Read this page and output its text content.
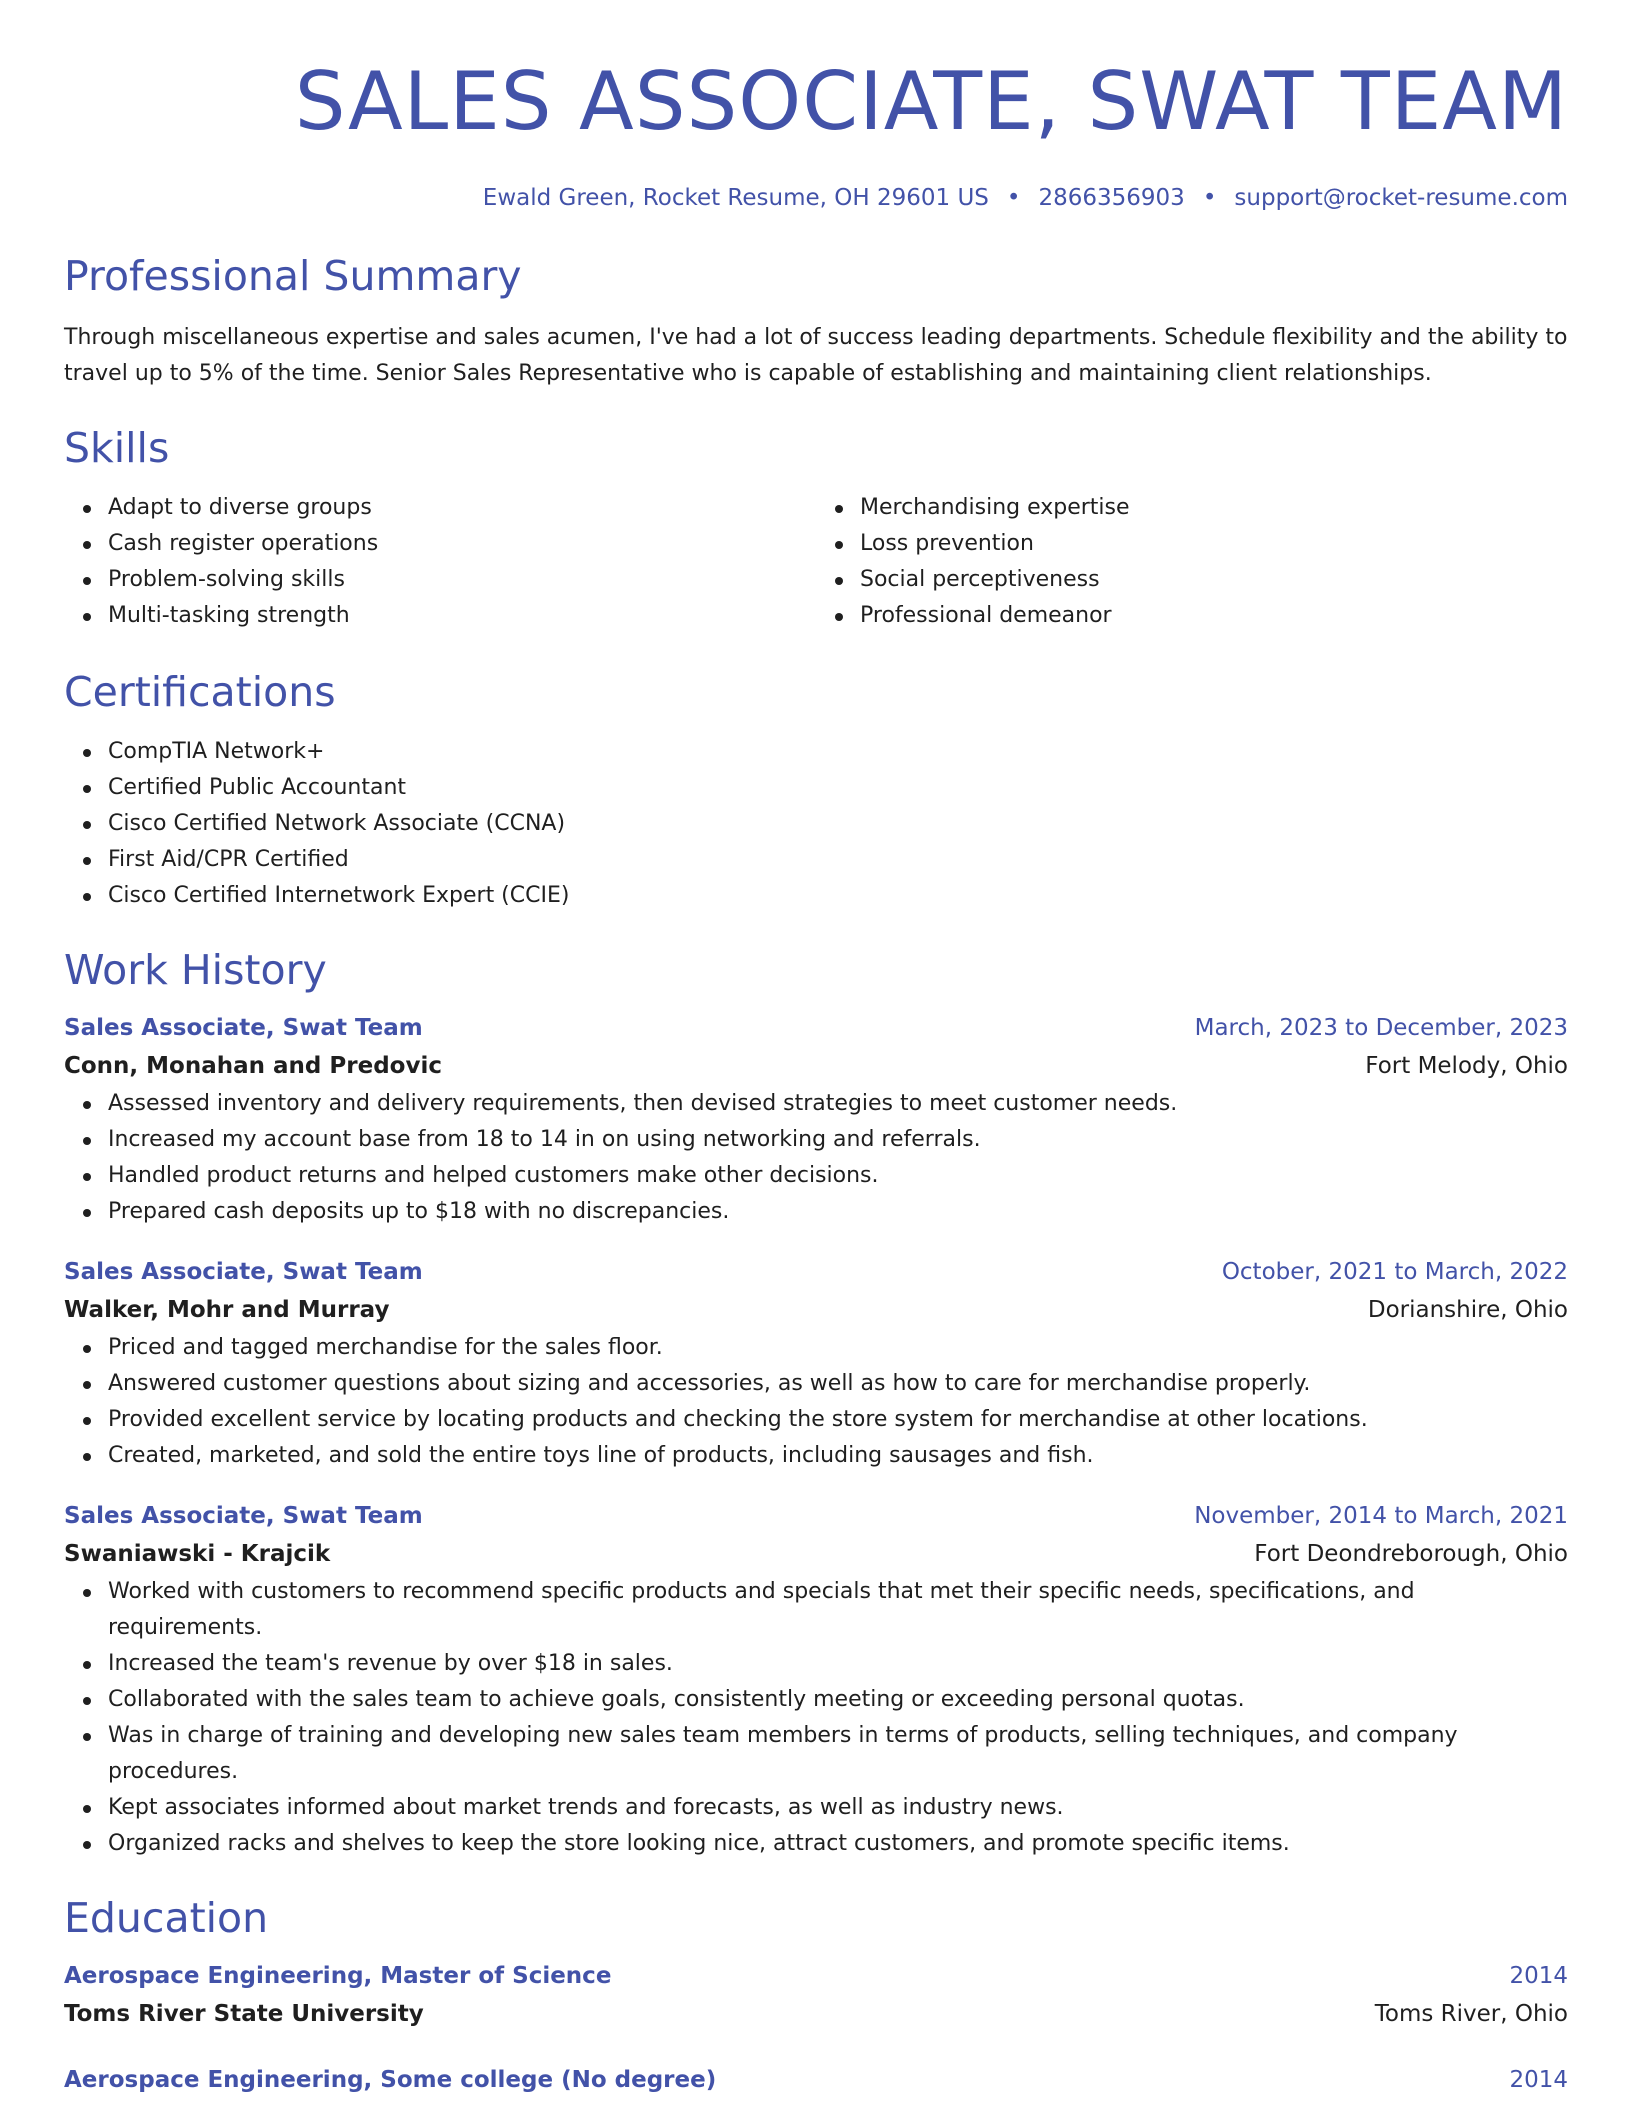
SALES ASSOCIATE, SWAT TEAM
Ewald Green, Rocket Resume, OH 29601 US • 2866356903 • support@rocket-resume.com
Professional Summary

Through miscellaneous expertise and sales acumen, I've had a lot of success leading departments. Schedule flexibility and the ability to travel up to 5% of the time. Senior Sales Representative who is capable of establishing and maintaining client relationships.

Skills
Adapt to diverse groups
Cash register operations
Problem-solving skills
Multi-tasking strength
Merchandising expertise
Loss prevention
Social perceptiveness
Professional demeanor
Certifications
CompTIA Network+
Certified Public Accountant
Cisco Certified Network Associate (CCNA)
First Aid/CPR Certified
Cisco Certified Internetwork Expert (CCIE)
Work History
Sales Associate, Swat Team	March, 2023 to December, 2023
Conn, Monahan and Predovic	Fort Melody, Ohio
Assessed inventory and delivery requirements, then devised strategies to meet customer needs.
Increased my account base from 18 to 14 in on using networking and referrals.
Handled product returns and helped customers make other decisions.
Prepared cash deposits up to $18 with no discrepancies.
Sales Associate, Swat Team	October, 2021 to March, 2022
Walker, Mohr and Murray	Dorianshire, Ohio
Priced and tagged merchandise for the sales floor.
Answered customer questions about sizing and accessories, as well as how to care for merchandise properly.
Provided excellent service by locating products and checking the store system for merchandise at other locations.
Created, marketed, and sold the entire toys line of products, including sausages and fish.
Sales Associate, Swat Team	November, 2014 to March, 2021
Swaniawski - Krajcik	Fort Deondreborough, Ohio
Worked with customers to recommend specific products and specials that met their specific needs, specifications, and requirements.
Increased the team's revenue by over $18 in sales.
Collaborated with the sales team to achieve goals, consistently meeting or exceeding personal quotas.
Was in charge of training and developing new sales team members in terms of products, selling techniques, and company procedures.
Kept associates informed about market trends and forecasts, as well as industry news.
Organized racks and shelves to keep the store looking nice, attract customers, and promote specific items.
Education
Aerospace Engineering, Master of Science	2014
Toms River State University	Toms River, Ohio
Aerospace Engineering, Some college (No degree)	2014
